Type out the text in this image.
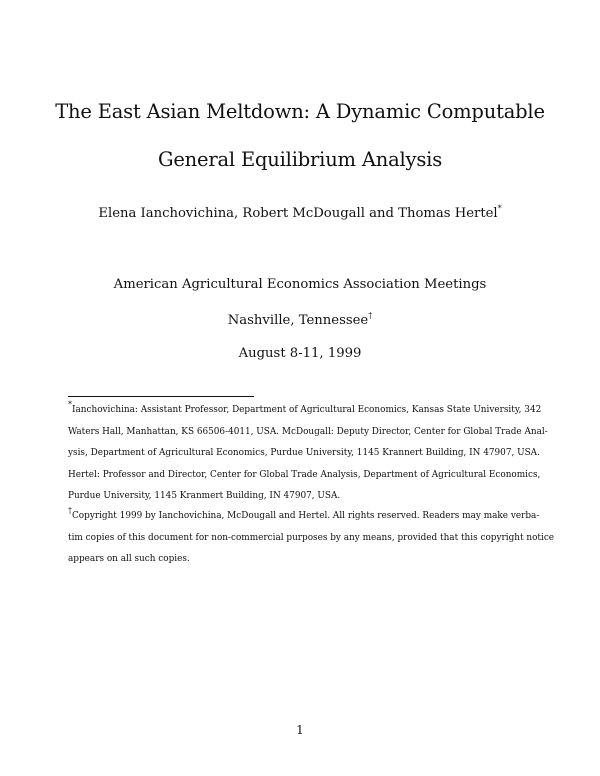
The East Asian Meltdown: A Dynamic Computable
General Equilibrium Analysis
Elena Ianchovichina, Robert McDougall and Thomas Hertel*
American Agricultural Economics Association Meetings
Nashville, Tennessee†
August 8-11, 1999
*Ianchovichina: Assistant Professor, Department of Agricultural Economics, Kansas State University, 342
Waters Hall, Manhattan, KS 66506-4011, USA. McDougall: Deputy Director, Center for Global Trade Anal-
ysis, Department of Agricultural Economics, Purdue University, 1145 Krannert Building, IN 47907, USA.
Hertel: Professor and Director, Center for Global Trade Analysis, Department of Agricultural Economics,
Purdue University, 1145 Kranmert Building, IN 47907, USA.
†Copyright 1999 by Ianchovichina, McDougall and Hertel. All rights reserved. Readers may make verba-
tim copies of this document for non-commercial purposes by any means, provided that this copyright notice
appears on all such copies.
1
